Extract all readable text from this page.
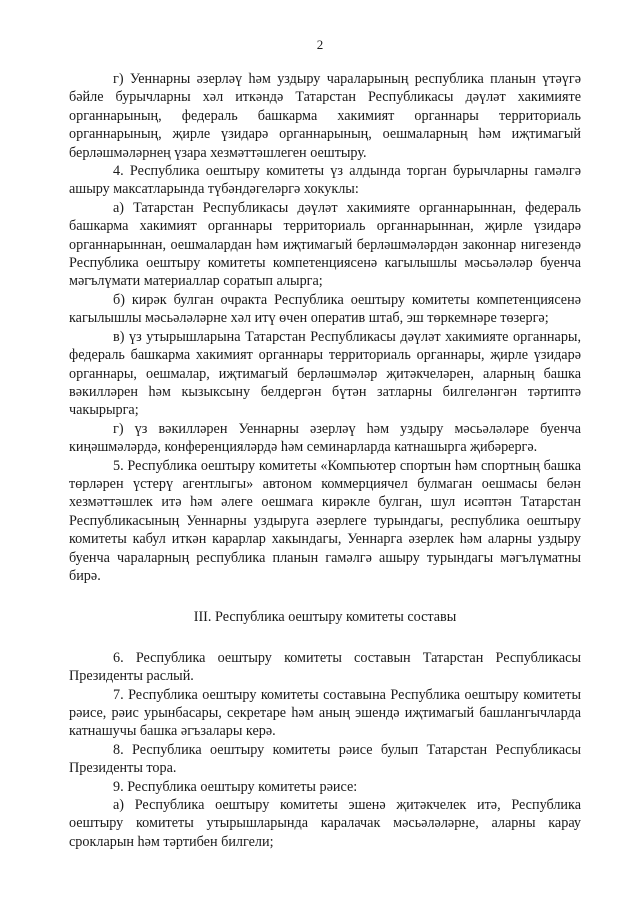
2

г) Уеннарны әзерләү һәм уздыру чараларының республика планын үтәүгә бәйле бурычларны хәл иткәндә Татарстан Республикасы дәүләт хакимияте органнарының, федераль башкарма хакимият органнары территориаль органнарының, җирле үзидарә органнарының, оешмаларның һәм иҗтимагый берләшмәләрнең үзара хезмәттәшлеген оештыру.

4. Республика оештыру комитеты үз алдында торган бурычларны гамәлгә ашыру максатларында түбәндәгеләргә хокуклы:

а) Татарстан Республикасы дәүләт хакимияте органнарыннан, федераль башкарма хакимият органнары территориаль органнарыннан, җирле үзидарә органнарыннан, оешмалардан һәм иҗтимагый берләшмәләрдән законнар нигезендә Республика оештыру комитеты компетенциясенә кагылышлы мәсьәләләр буенча мәгълүмати материаллар соратып алырга;

б) кирәк булган очракта Республика оештыру комитеты компетенциясенә кагылышлы мәсьәләләрне хәл итү өчен оператив штаб, эш төркемнәре төзергә;

в) үз утырышларына Татарстан Республикасы дәүләт хакимияте органнары, федераль башкарма хакимият органнары территориаль органнары, җирле үзидарә органнары, оешмалар, иҗтимагый берләшмәләр җитәкчеләрен, аларның башка вәкилләрен һәм кызыксыну белдергән бүтән затларны билгеләнгән тәртиптә чакырырга;

г) үз вәкилләрен Уеннарны әзерләү һәм уздыру мәсьәләләре буенча киңәшмәләрдә, конференцияләрдә һәм семинарларда катнашырга җибәрергә.

5. Республика оештыру комитеты «Компьютер спортын һәм спортның башка төрләрен үстерү агентлыгы» автоном коммерциячел булмаган оешмасы белән хезмәттәшлек итә һәм әлеге оешмага кирәкле булган, шул исәптән Татарстан Республикасының Уеннарны уздыруга әзерлеге турындагы, республика оештыру комитеты кабул иткән карарлар хакындагы, Уеннарга әзерлек һәм аларны уздыру буенча чараларның республика планын гамәлгә ашыру турындагы мәгълүматны бирә.

III. Республика оештыру комитеты составы

6. Республика оештыру комитеты составын Татарстан Республикасы Президенты раслый.

7. Республика оештыру комитеты составына Республика оештыру комитеты рәисе, рәис урынбасары, секретаре һәм аның эшендә иҗтимагый башлангычларда катнашучы башка әгъзалары керә.

8. Республика оештыру комитеты рәисе булып Татарстан Республикасы Президенты тора.

9. Республика оештыру комитеты рәисе:

а) Республика оештыру комитеты эшенә җитәкчелек итә, Республика оештыру комитеты утырышларында каралачак мәсьәләләрне, аларны карау срокларын һәм тәртибен билгели;
